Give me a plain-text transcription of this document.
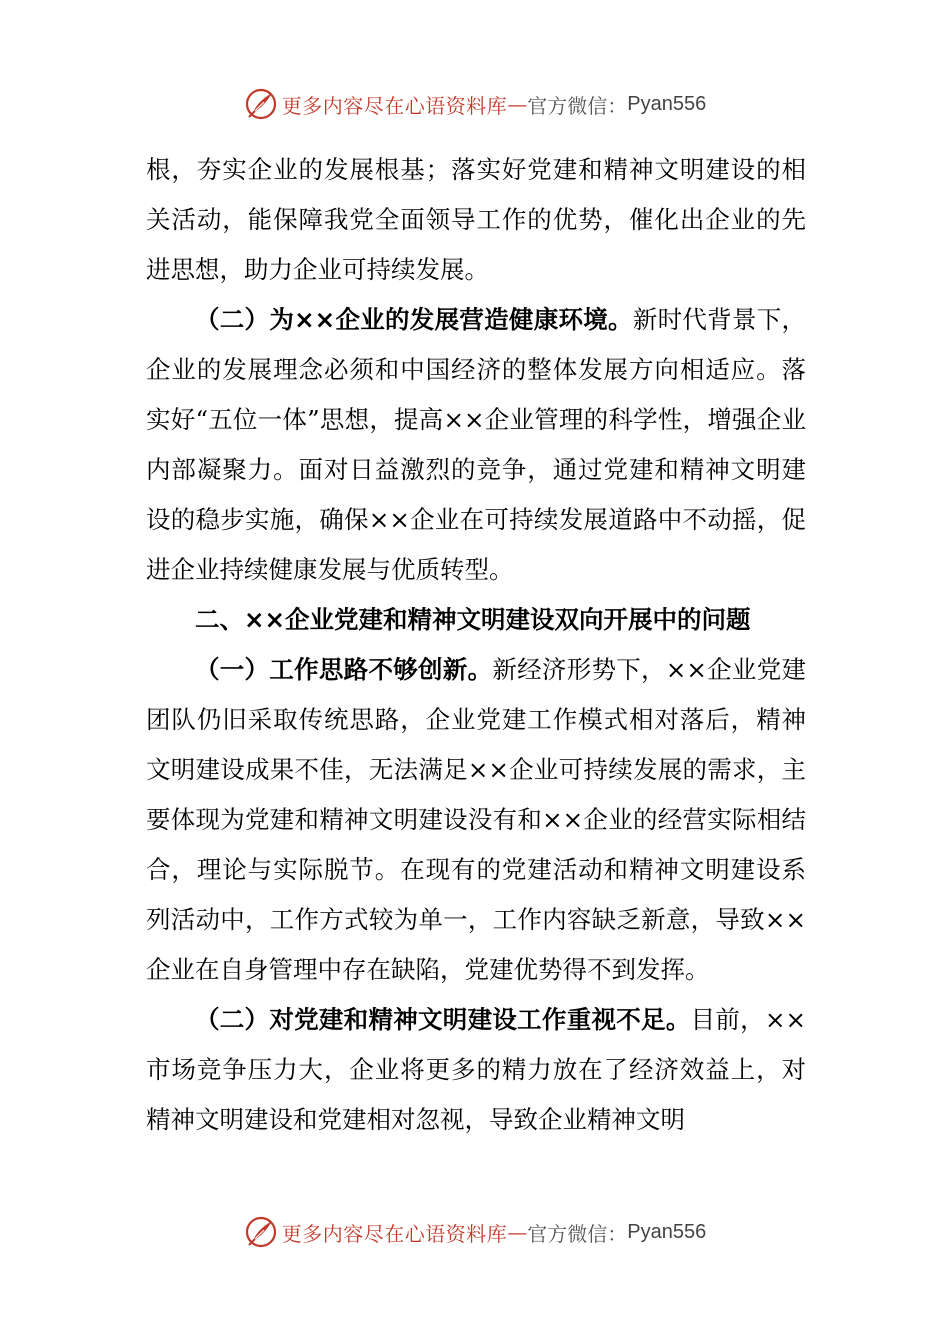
更多内容尽在心语资料库 — 官方微信： Pyan556

根，夯实企业的发展根基；落实好党建和精神文明建设的相关活动，能保障我党全面领导工作的优势，催化出企业的先进思想，助力企业可持续发展。

（二）为××企业的发展营造健康环境。新时代背景下，企业的发展理念必须和中国经济的整体发展方向相适应。落实好“五位一体”思想，提高××企业管理的科学性，增强企业内部凝聚力。面对日益激烈的竞争，通过党建和精神文明建设的稳步实施，确保××企业在可持续发展道路中不动摇，促进企业持续健康发展与优质转型。

二、××企业党建和精神文明建设双向开展中的问题

（一）工作思路不够创新。新经济形势下，××企业党建团队仍旧采取传统思路，企业党建工作模式相对落后，精神文明建设成果不佳，无法满足××企业可持续发展的需求，主要体现为党建和精神文明建设没有和××企业的经营实际相结合，理论与实际脱节。在现有的党建活动和精神文明建设系列活动中，工作方式较为单一，工作内容缺乏新意，导致××企业在自身管理中存在缺陷，党建优势得不到发挥。

（二）对党建和精神文明建设工作重视不足。目前，××市场竞争压力大，企业将更多的精力放在了经济效益上，对精神文明建设和党建相对忽视，导致企业精神文明

更多内容尽在心语资料库 — 官方微信： Pyan556
